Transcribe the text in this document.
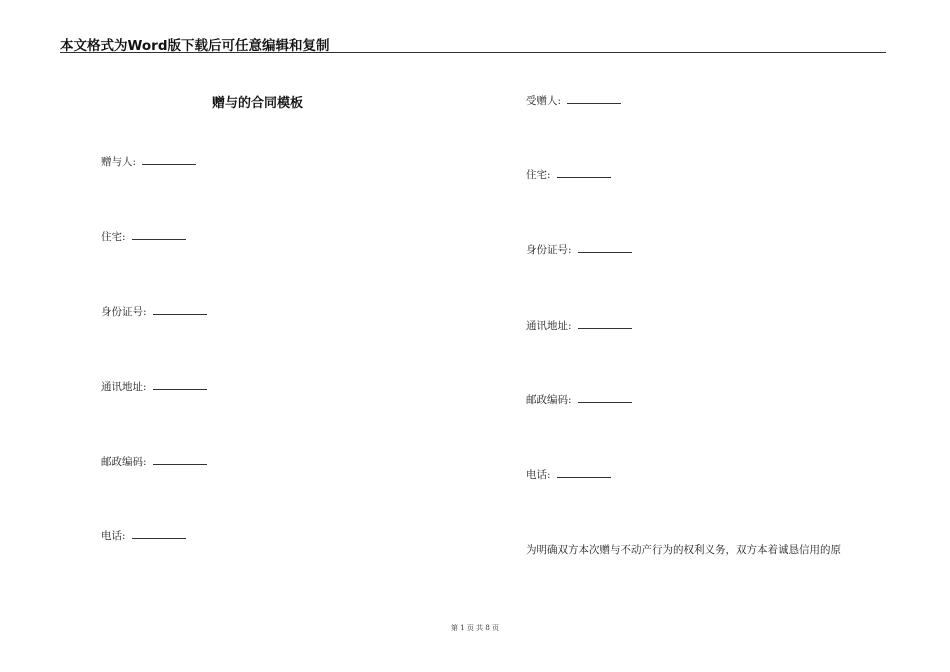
本文格式为Word版下载后可任意编辑和复制
赠与的合同模板
赠与人:
住宅:
身份证号:
通讯地址:
邮政编码:
电话:
受赠人:
住宅:
身份证号:
通讯地址:
邮政编码:
电话:
为明确双方本次赠与不动产行为的权利义务，双方本着诚恳信用的原
第 1 页 共 8 页
